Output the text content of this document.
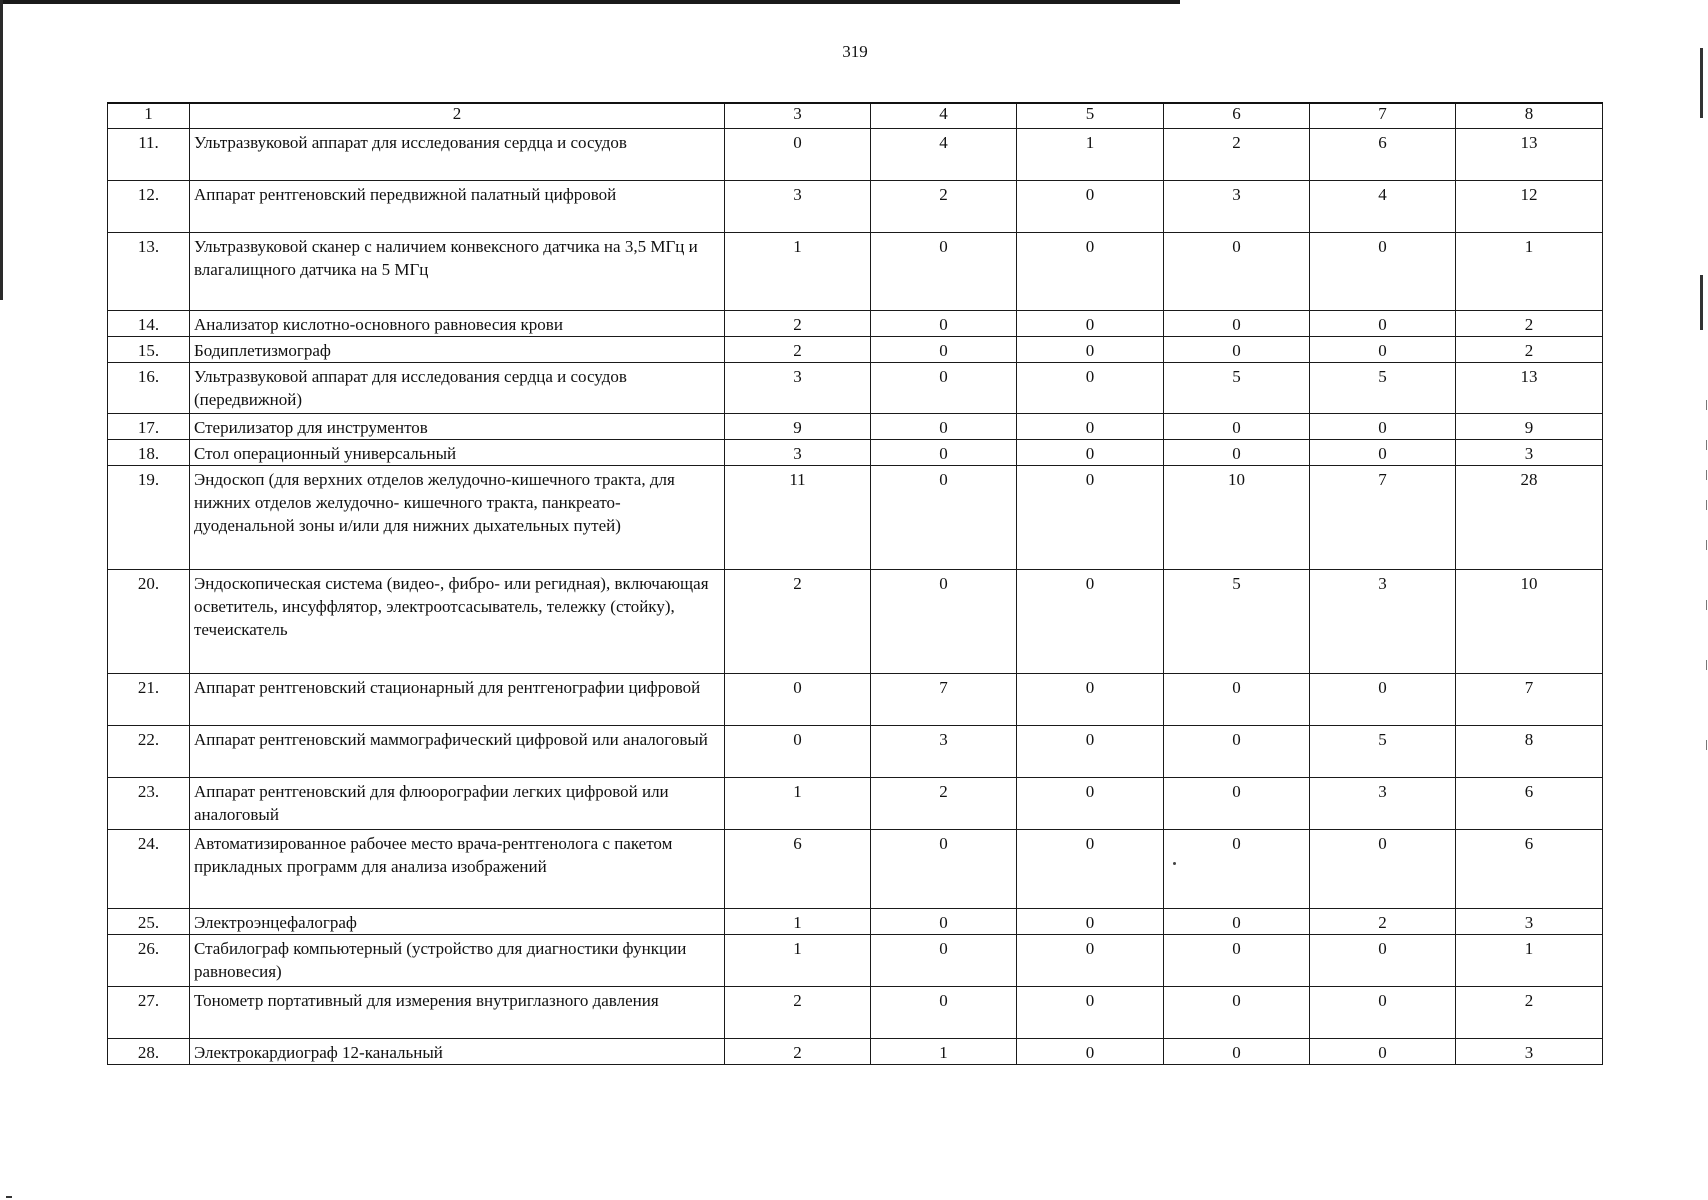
319
1	2	3	4	5	6	7	8
11.	Ультразвуковой аппарат для исследования сердца и сосудов	0	4	1	2	6	13
12.	Аппарат рентгеновский передвижной палатный цифровой	3	2	0	3	4	12
13.	Ультразвуковой сканер с наличием конвексного датчика на 3,5 МГц и влагалищного датчика на 5 МГц	1	0	0	0	0	1
14.	Анализатор кислотно-основного равновесия крови	2	0	0	0	0	2
15.	Бодиплетизмограф	2	0	0	0	0	2
16.	Ультразвуковой аппарат для исследования сердца и сосудов (передвижной)	3	0	0	5	5	13
17.	Стерилизатор для инструментов	9	0	0	0	0	9
18.	Стол операционный универсальный	3	0	0	0	0	3
19.	Эндоскоп (для верхних отделов желудочно-кишечного тракта, для нижних отделов желудочно- кишечного тракта, панкреато-дуоденальной зоны и/или для нижних дыхательных путей)	11	0	0	10	7	28
20.	Эндоскопическая система (видео-, фибро- или регидная), включающая осветитель, инсуффлятор, электроотсасыватель, тележку (стойку), течеискатель	2	0	0	5	3	10
21.	Аппарат рентгеновский стационарный для рентгенографии цифровой	0	7	0	0	0	7
22.	Аппарат рентгеновский маммографический цифровой или аналоговый	0	3	0	0	5	8
23.	Аппарат рентгеновский для флюорографии легких цифровой или аналоговый	1	2	0	0	3	6
24.	Автоматизированное рабочее место врача-рентгенолога с пакетом прикладных программ для анализа изображений	6	0	0	0	0	6
25.	Электроэнцефалограф	1	0	0	0	2	3
26.	Стабилограф компьютерный (устройство для диагностики функции равновесия)	1	0	0	0	0	1
27.	Тонометр портативный для измерения внутриглазного давления	2	0	0	0	0	2
28.	Электрокардиограф 12-канальный	2	1	0	0	0	3
